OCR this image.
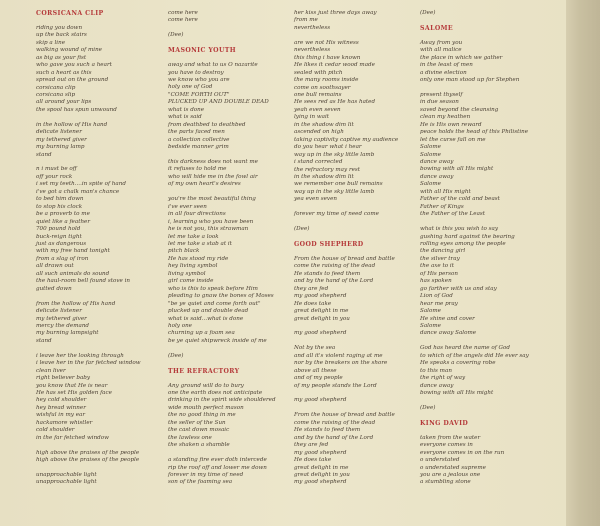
CORSICANA CLIP

riding you down
up the back stairs
skip a line
walking wound of mine
as big as your fist
who gave you such a heart
such a heart as this
spread out on the ground
corsicana clip
corsicana slip
all around your lips
the spool has spun unwound

in the hollow of His hand
delicate listener
my tethered giver
my burning lamp
stand

n i must be off
off your rock
i set my teeth....in spite of hand
i've got a chalk man's chance
to bed him down
to stop his clock
be a proverb to me
quiet like a feather
700 pound hold
buck-reign tight
just as dangerous
with my free hand tonight
from a slag of iron
all drawn out
all such animals do sound
the haul-room bell found stove in
gutted down

from the hollow of His hand
delicate listener
my tethered giver
mercy the demand
my burning lampsight
stand

i leave her the looking through
i leave her in the far fetched window
clean liver
right believer baby
you know that He is near
He has set His golden face
hey cold shoulder
hey bread winner
wishful in my ear
hackamore whistler
cold shoulder
in the far fetched window

high above the praises of the people
high above the praises of the people

unapproachable light
unapproachable light

come here
come here

(Dee)

MASONIC YOUTH

away and what to us O nazarite
you have to destroy
we know who you are
holy one of God
"COME FORTH OUT"
PLUCKED UP AND DOUBLE DEAD
what is done
what is said
from deathbed to deathbed
the parts faced men
a collection collective
bedside manner grim

this darkness does not want me
it refuses to hold me
who will hide me in the fowl air
of my own heart's desires

you're the most beautiful thing
i've ever seen
in all four directions
i, learning who you have been
he is not you, this strawman
let me take a look
let me take a stab at it
pitch black
He has stood my ride
hey living symbol
living symbol
girl come inside
who is this to speak before Him
pleading to gnaw the bones of Moses
"be ye quiet and come forth out"
plucked up and double dead
what is said...what is done
holy one
churning up a foam sea
be ye quiet shipwreck inside of me

(Dee)

THE REFRACTORY

Any ground will do to bury
one the earth does not anticipate
drinking in the spirit wide shouldered
wide mouth perfect mason
the no good thing in me
the seller of the Sun
the cast down mosaic
the lawless one
the shaken a shamble

a standing fire ever doth intercede
rip the roof off and lower me down
forever in my time of need
son of the foaming sea

her kiss just three days away
from me
nevertheless

are we not His witness
nevertheless
this thing i have known
He likes it cedar wood made
sealed with pitch
the many rooms inside
come on soothsayer
one bull remains
He sees red as He has hated
yeah even seven
lying in wait
in the shadow dim lit
ascended on high
taking captivity captive my audience
do you hear what i hear
way up in the sky little lamb
i stand corrected
the refractory may rest
in the shadow dim lit
we remember one bull remains
way up in the sky little lamb
yea even seven

forever my time of need come

(Dee)

GOOD SHEPHERD

From the house of bread and battle
come the raising of the dead
He stands to feed them
and by the hand of the Lord
they are fed
my good shepherd
He does take
great delight in me
great delight in you

my good shepherd

Not by the sea
and all it's violent raging at me
nor by the breakers on the shore
above all these
and of my people
of my people stands the Lord

my good shepherd

From the house of bread and battle
come the raising of the dead
He stands to feed them
and by the hand of the Lord
they are fed
my good shepherd
He does take
great delight in me
great delight in you
my good shepherd

(Dee)

SALOME

Away from you
with all malice
the place in which we gather
in the least of men
a divine election
only one man stood up for Stephen

present thyself
in due season
saved beyond the cleansing
clean my heathen
He is His own reward
peace holds the head of this Philistine
let the curse fall on me
Salome
Salome
dance away
bowing with all His might
dance away
Salome
with all His might
Father of the cold and beast
Father of Kings
the Father of the Least

what is this you wish to say
gushing hard against the bearing
rolling eyes among the people
the dancing girl
the silver tray
the axe to it
of His person
has spoken
go farther with us and stay
Lion of God
hear me pray
Salome
He shine and cover
Salome
dance away Salome

God has heard the name of God
to which of the angels did He ever say
He speaks a covering robe
to this man
the right of way
dance away
bowing with all His might

(Dee)

KING DAVID

taken from the water
everyone comes in
everyone comes in on the run
o understated
o understated supreme
you are a jealous one
a stumbling stone
